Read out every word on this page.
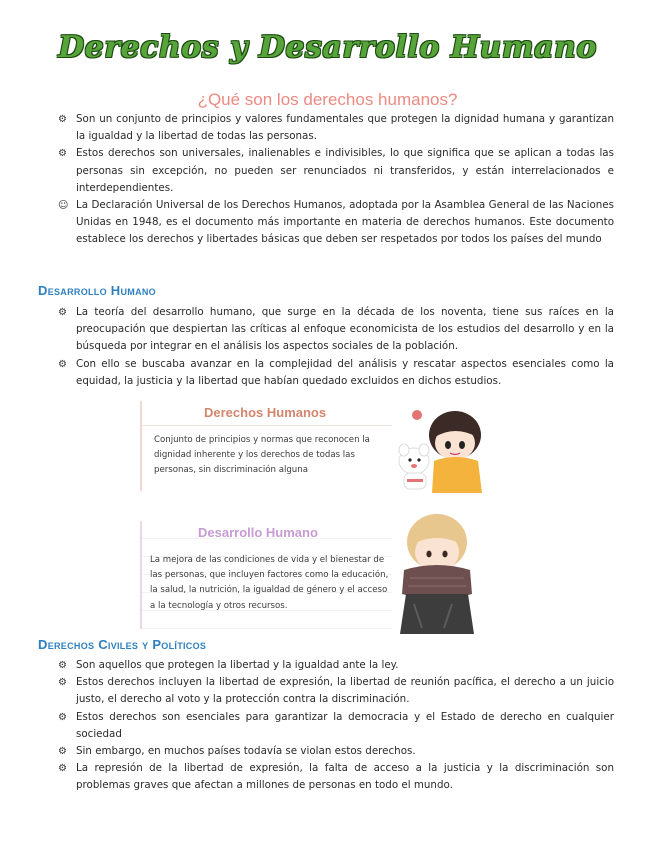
Derechos y Desarrollo Humano
¿Qué son los derechos humanos?
⚙ Son un conjunto de principios y valores fundamentales que protegen la dignidad humana y garantizan la igualdad y la libertad de todas las personas.
⚙ Estos derechos son universales, inalienables e indivisibles, lo que significa que se aplican a todas las personas sin excepción, no pueden ser renunciados ni transferidos, y están interrelacionados e interdependientes.
☺ La Declaración Universal de los Derechos Humanos, adoptada por la Asamblea General de las Naciones Unidas en 1948, es el documento más importante en materia de derechos humanos. Este documento establece los derechos y libertades básicas que deben ser respetados por todos los países del mundo
Desarrollo Humano
⚙ La teoría del desarrollo humano, que surge en la década de los noventa, tiene sus raíces en la preocupación que despiertan las críticas al enfoque economicista de los estudios del desarrollo y en la búsqueda por integrar en el análisis los aspectos sociales de la población.
⚙ Con ello se buscaba avanzar en la complejidad del análisis y rescatar aspectos esenciales como la equidad, la justicia y la libertad que habían quedado excluidos en dichos estudios.
Derechos Humanos
Conjunto de principios y normas que reconocen la dignidad inherente y los derechos de todas las personas, sin discriminación alguna
Desarrollo Humano
La mejora de las condiciones de vida y el bienestar de las personas, que incluyen factores como la educación, la salud, la nutrición, la igualdad de género y el acceso a la tecnología y otros recursos.
Derechos Civiles y Políticos
⚙ Son aquellos que protegen la libertad y la igualdad ante la ley.
⚙ Estos derechos incluyen la libertad de expresión, la libertad de reunión pacífica, el derecho a un juicio justo, el derecho al voto y la protección contra la discriminación.
⚙ Estos derechos son esenciales para garantizar la democracia y el Estado de derecho en cualquier sociedad
⚙ Sin embargo, en muchos países todavía se violan estos derechos.
⚙ La represión de la libertad de expresión, la falta de acceso a la justicia y la discriminación son problemas graves que afectan a millones de personas en todo el mundo.
